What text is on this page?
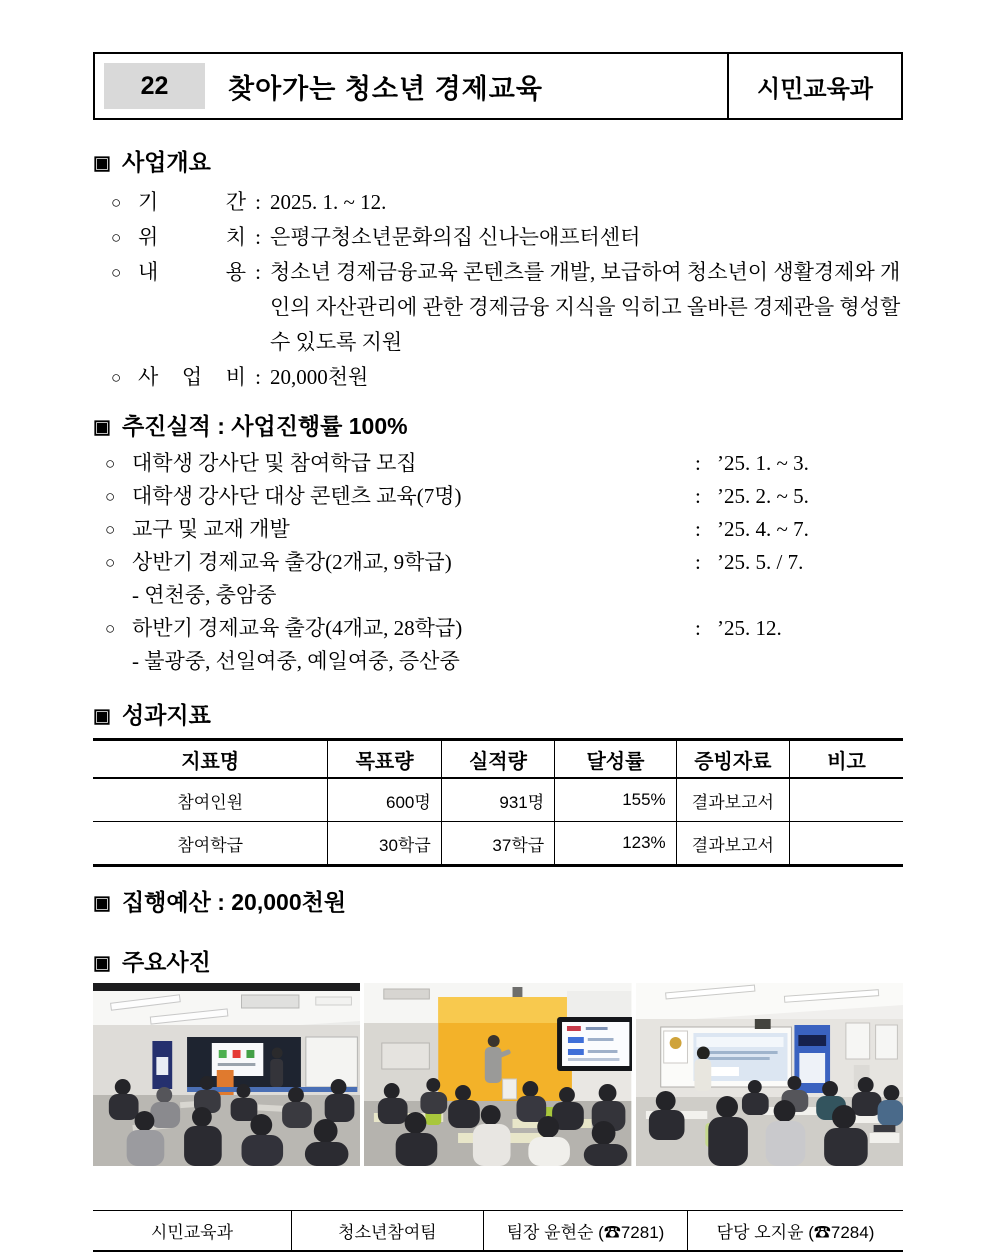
22	찾아가는 청소년 경제교육	시민교육과
▣ 사업개요
○ 기 간 : 2025. 1. ~ 12.
○ 위 치 : 은평구청소년문화의집 신나는애프터센터
○ 내 용 : 청소년 경제금융교육 콘텐츠를 개발, 보급하여 청소년이 생활경제와 개인의 자산관리에 관한 경제금융 지식을 익히고 올바른 경제관을 형성할 수 있도록 지원
○ 사 업 비 : 20,000천원
▣ 추진실적 : 사업진행률 100%
○ 대학생 강사단 및 참여학급 모집	: ’25. 1. ~ 3.
○ 대학생 강사단 대상 콘텐츠 교육(7명)	: ’25. 2. ~ 5.
○ 교구 및 교재 개발	: ’25. 4. ~ 7.
○ 상반기 경제교육 출강(2개교, 9학급)	: ’25. 5. / 7.
- 연천중, 충암중
○ 하반기 경제교육 출강(4개교, 28학급)	: ’25. 12.
- 불광중, 선일여중, 예일여중, 증산중
▣ 성과지표
지표명	목표량	실적량	달성률	증빙자료	비고
참여인원	600명	931명	155%	결과보고서	
참여학급	30학급	37학급	123%	결과보고서	
▣ 집행예산 : 20,000천원
▣ 주요사진
시민교육과	청소년참여팀	팀장 윤현순 (☎7281)	담당 오지윤 (☎7284)
